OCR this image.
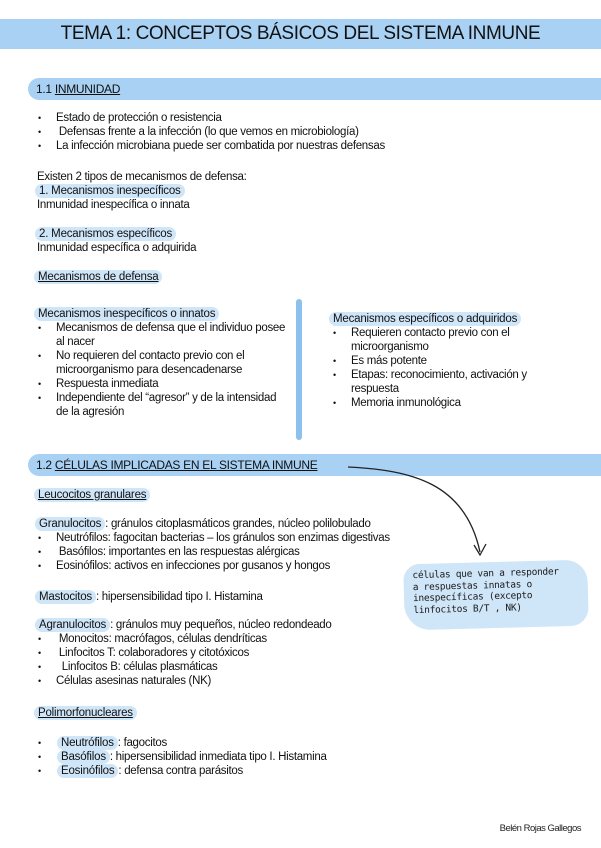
TEMA 1: CONCEPTOS BÁSICOS DEL SISTEMA INMUNE
1.1 INMUNIDAD
• Estado de protección o resistencia
•  Defensas frente a la infección (lo que vemos en microbiología)
• La infección microbiana puede ser combatida por nuestras defensas
Existen 2 tipos de mecanismos de defensa:
1. Mecanismos inespecíficos
Inmunidad inespecífica o innata
2. Mecanismos específicos
Inmunidad específica o adquirida
Mecanismos de defensa
Mecanismos inespecíficos o innatos
• Mecanismos de defensa que el individuo posee al nacer
• No requieren del contacto previo con el microorganismo para desencadenarse
• Respuesta inmediata
• Independiente del “agresor” y de la intensidad de la agresión
Mecanismos específicos o adquiridos
• Requieren contacto previo con el microorganismo
• Es más potente
• Etapas: reconocimiento, activación y respuesta
• Memoria inmunológica
1.2 CÉLULAS IMPLICADAS EN EL SISTEMA INMUNE
Leucocitos granulares
Granulocitos : gránulos citoplasmáticos grandes, núcleo polilobulado
• Neutrófilos: fagocitan bacterias – los gránulos son enzimas digestivas
•  Basófilos: importantes en las respuestas alérgicas
• Eosinófilos: activos en infecciones por gusanos y hongos
Mastocitos : hipersensibilidad tipo I. Histamina
Agranulocitos : gránulos muy pequeños, núcleo redondeado
•  Monocitos: macrófagos, células dendríticas
•  Linfocitos T: colaboradores y citotóxicos
•   Linfocitos B: células plasmáticas
• Células asesinas naturales (NK)
Polimorfonucleares
• Neutrófilos : fagocitos
• Basófilos : hipersensibilidad inmediata tipo I. Histamina
• Eosinófilos : defensa contra parásitos
células que van a responder
a respuestas innatas o
inespecíficas (excepto
linfocitos B/T , NK)
Belén Rojas Gallegos
